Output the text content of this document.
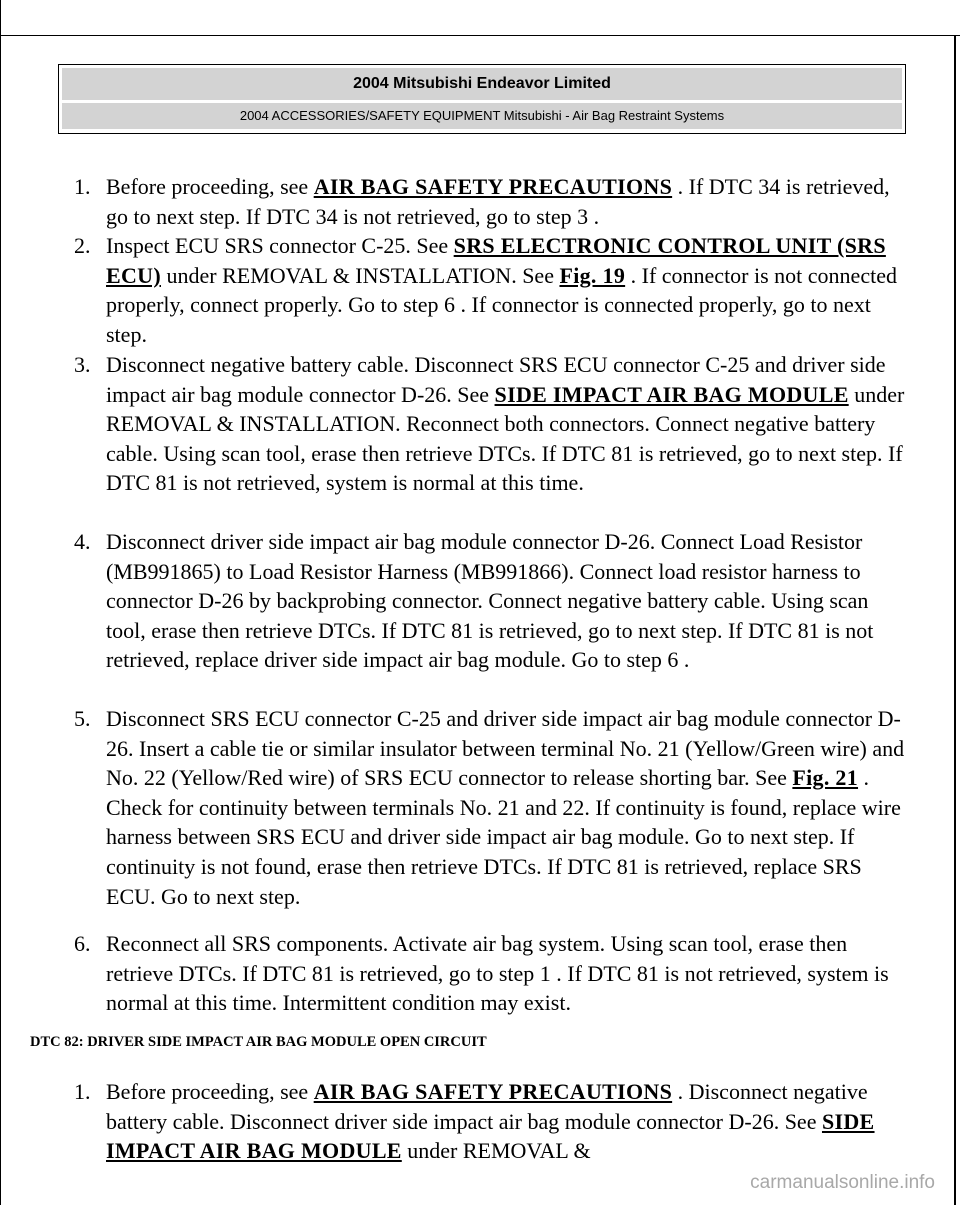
2004 Mitsubishi Endeavor Limited
2004 ACCESSORIES/SAFETY EQUIPMENT Mitsubishi - Air Bag Restraint Systems
1. Before proceeding, see AIR BAG SAFETY PRECAUTIONS . If DTC 34 is retrieved, go to next step. If DTC 34 is not retrieved, go to step 3 .
2. Inspect ECU SRS connector C-25. See SRS ELECTRONIC CONTROL UNIT (SRS ECU) under REMOVAL & INSTALLATION. See Fig. 19 . If connector is not connected properly, connect properly. Go to step 6 . If connector is connected properly, go to next step.
3. Disconnect negative battery cable. Disconnect SRS ECU connector C-25 and driver side impact air bag module connector D-26. See SIDE IMPACT AIR BAG MODULE under REMOVAL & INSTALLATION. Reconnect both connectors. Connect negative battery cable. Using scan tool, erase then retrieve DTCs. If DTC 81 is retrieved, go to next step. If DTC 81 is not retrieved, system is normal at this time.
4. Disconnect driver side impact air bag module connector D-26. Connect Load Resistor (MB991865) to Load Resistor Harness (MB991866). Connect load resistor harness to connector D-26 by backprobing connector. Connect negative battery cable. Using scan tool, erase then retrieve DTCs. If DTC 81 is retrieved, go to next step. If DTC 81 is not retrieved, replace driver side impact air bag module. Go to step 6 .
5. Disconnect SRS ECU connector C-25 and driver side impact air bag module connector D-26. Insert a cable tie or similar insulator between terminal No. 21 (Yellow/Green wire) and No. 22 (Yellow/Red wire) of SRS ECU connector to release shorting bar. See Fig. 21 . Check for continuity between terminals No. 21 and 22. If continuity is found, replace wire harness between SRS ECU and driver side impact air bag module. Go to next step. If continuity is not found, erase then retrieve DTCs. If DTC 81 is retrieved, replace SRS ECU. Go to next step.
6. Reconnect all SRS components. Activate air bag system. Using scan tool, erase then retrieve DTCs. If DTC 81 is retrieved, go to step 1 . If DTC 81 is not retrieved, system is normal at this time. Intermittent condition may exist.
DTC 82: DRIVER SIDE IMPACT AIR BAG MODULE OPEN CIRCUIT
1. Before proceeding, see AIR BAG SAFETY PRECAUTIONS . Disconnect negative battery cable. Disconnect driver side impact air bag module connector D-26. See SIDE IMPACT AIR BAG MODULE under REMOVAL &
carmanualsonline.info
